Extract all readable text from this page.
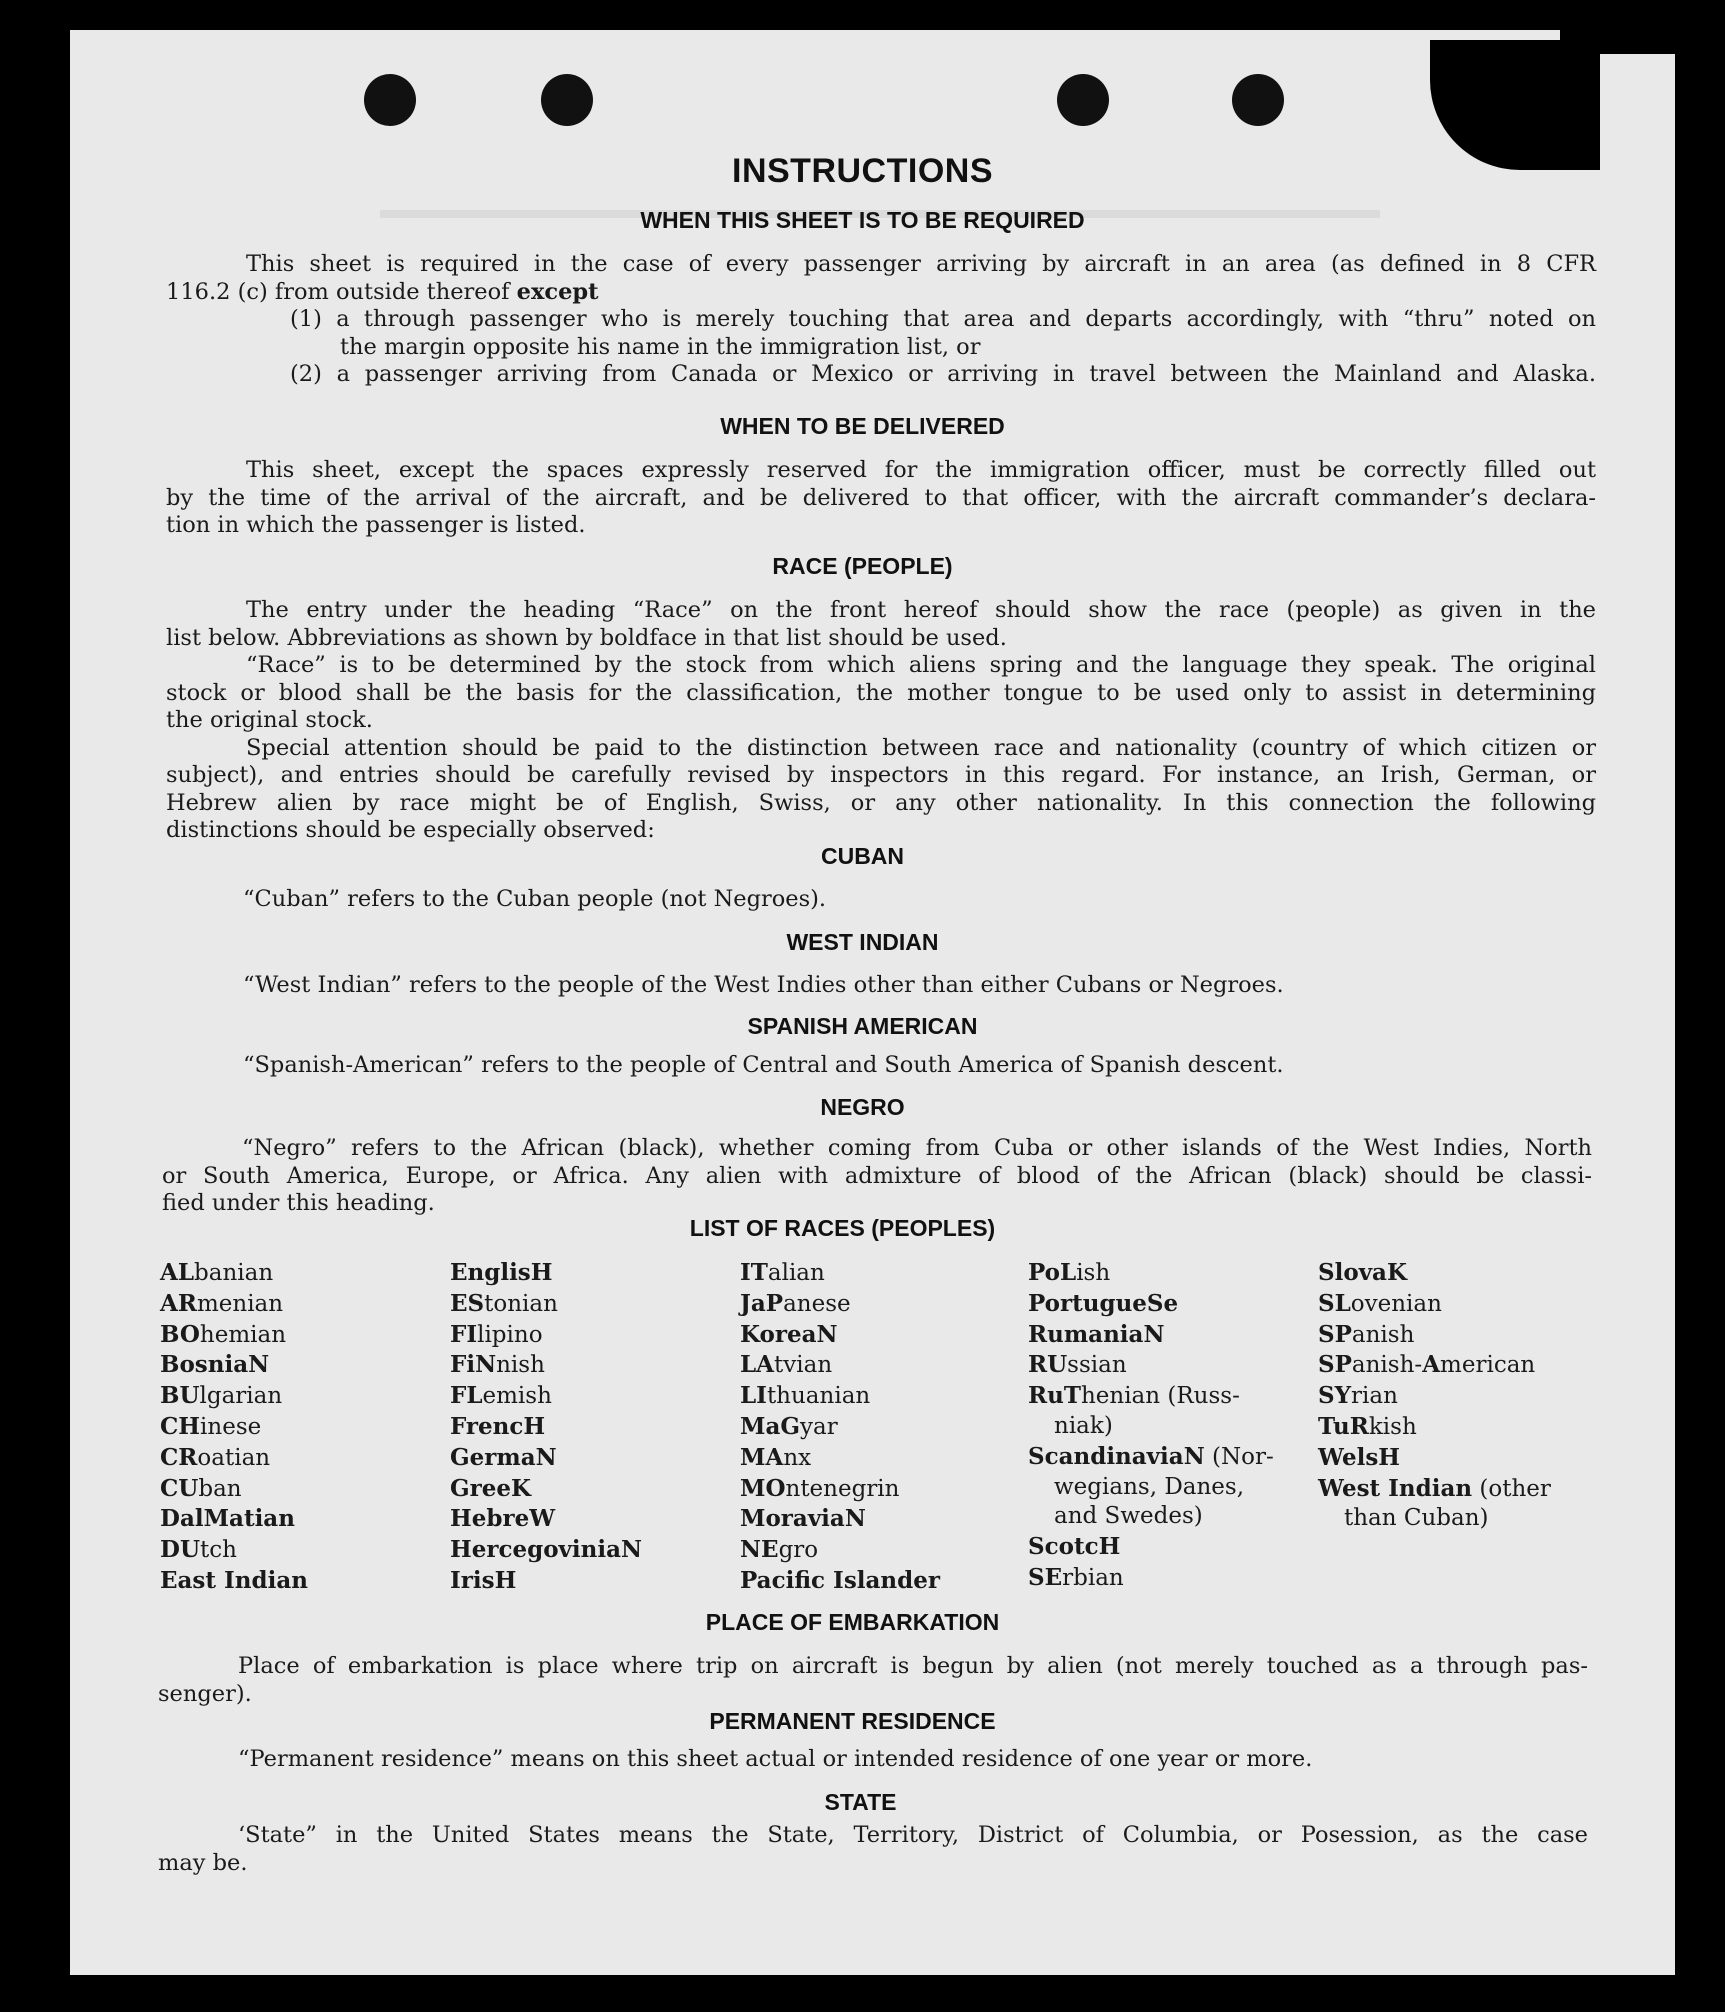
INSTRUCTIONS
WHEN THIS SHEET IS TO BE REQUIRED
This sheet is required in the case of every passenger arriving by aircraft in an area (as defined in 8 CFR
116.2 (c) from outside thereof except
(1) a through passenger who is merely touching that area and departs accordingly, with “thru” noted on
the margin opposite his name in the immigration list, or
(2) a passenger arriving from Canada or Mexico or arriving in travel between the Mainland and Alaska.
WHEN TO BE DELIVERED
This sheet, except the spaces expressly reserved for the immigration officer, must be correctly filled out
by the time of the arrival of the aircraft, and be delivered to that officer, with the aircraft commander’s declara-
tion in which the passenger is listed.
RACE (PEOPLE)
The entry under the heading “Race” on the front hereof should show the race (people) as given in the
list below. Abbreviations as shown by boldface in that list should be used.
“Race” is to be determined by the stock from which aliens spring and the language they speak. The original
stock or blood shall be the basis for the classification, the mother tongue to be used only to assist in determining
the original stock.
Special attention should be paid to the distinction between race and nationality (country of which citizen or
subject), and entries should be carefully revised by inspectors in this regard. For instance, an Irish, German, or
Hebrew alien by race might be of English, Swiss, or any other nationality. In this connection the following
distinctions should be especially observed:
CUBAN
“Cuban” refers to the Cuban people (not Negroes).
WEST INDIAN
“West Indian” refers to the people of the West Indies other than either Cubans or Negroes.
SPANISH AMERICAN
“Spanish-American” refers to the people of Central and South America of Spanish descent.
NEGRO
“Negro” refers to the African (black), whether coming from Cuba or other islands of the West Indies, North
or South America, Europe, or Africa. Any alien with admixture of blood of the African (black) should be classi-
fied under this heading.
LIST OF RACES (PEOPLES)
ALbanian
ARmenian
BOhemian
BosniaN
BUlgarian
CHinese
CRoatian
CUban
DalMatian
DUtch
East Indian
EnglisH
EStonian
FIlipino
FiNnish
FLemish
FrencH
GermaN
GreeK
HebreW
HercegoviniaN
IrisH
ITalian
JaPanese
KoreaN
LAtvian
LIthuanian
MaGyar
MAnx
MOntenegrin
MoraviaN
NEgro
Pacific Islander
PoLish
PortugueSe
RumaniaN
RUssian
RuThenian (Russ-
niak)
ScandinaviaN (Nor-
wegians, Danes,
and Swedes)
ScotcH
SErbian
SlovaK
SLovenian
SPanish
SPanish-American
SYrian
TuRkish
WelsH
West Indian (other
than Cuban)
PLACE OF EMBARKATION
Place of embarkation is place where trip on aircraft is begun by alien (not merely touched as a through pas-
senger).
PERMANENT RESIDENCE
“Permanent residence” means on this sheet actual or intended residence of one year or more.
STATE
‘State” in the United States means the State, Territory, District of Columbia, or Posession, as the case
may be.
